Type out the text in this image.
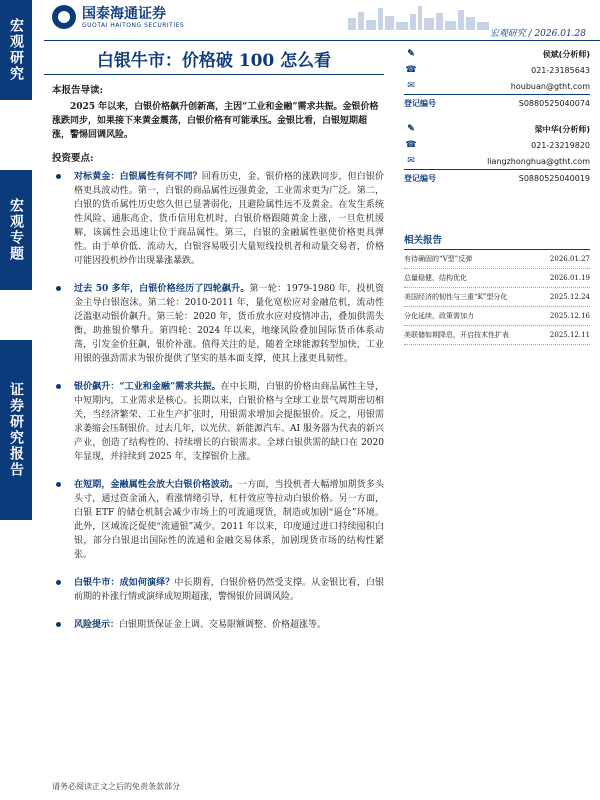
宏观研究
宏观专题
证券研究报告
国泰海通证券
GUOTAI HAITONG SECURITIES
宏观研究 / 2026.01.28
白银牛市：价格破 100 怎么看
本报告导读:
2025 年以来，白银价格飙升创新高，主因“工业和金融”需求共振。金银价格涨跌同步，如果接下来黄金震荡，白银价格有可能承压。金银比看，白银短期超涨，警惕回调风险。
投资要点:
对标黄金：白银属性有何不同？回看历史，金、银价格的涨跌同步，但白银价格更具波动性。第一，白银的商品属性远强黄金，工业需求更为广泛。第二，白银的货币属性历史悠久但已显著弱化，且避险属性远不及黄金。在发生系统性风险、通胀高企、货币信用危机时，白银价格跟随黄金上涨，一旦危机缓解，该属性会迅速让位于商品属性。第三，白银的金融属性驱使价格更具弹性。由于单价低、流动大，白银容易吸引大量短线投机者和动量交易者，价格可能因投机炒作出现暴涨暴跌。
过去 50 多年，白银价格经历了四轮飙升。第一轮：1979-1980 年，投机资金主导白银泡沫。第二轮：2010-2011 年，量化宽松应对金融危机，流动性泛滥驱动银价飙升。第三轮：2020 年，货币放水应对疫情冲击，叠加供需失衡，助推银价攀升。第四轮：2024 年以来，地缘风险叠加国际货币体系动荡，引发金价狂飙，银价补涨。值得关注的是，随着全球能源转型加快，工业用银的强劲需求为银价提供了坚实的基本面支撑，使其上涨更具韧性。
银价飙升：“工业和金融”需求共振。在中长期，白银的价格由商品属性主导，中短期内，工业需求是核心。长期以来，白银价格与全球工业景气周期密切相关，当经济繁荣、工业生产扩张时，用银需求增加会提振银价。反之，用银需求萎缩会压制银价。过去几年，以光伏、新能源汽车、AI 服务器为代表的新兴产业，创造了结构性的、持续增长的白银需求。全球白银供需的缺口在 2020 年显现，并持续到 2025 年，支撑银价上涨。
在短期，金融属性会放大白银价格波动。一方面，当投机者大幅增加期货多头头寸，通过资金涌入，看涨情绪引导，杠杆效应等拉动白银价格。另一方面，白银 ETF 的储仓机制会减少市场上的可流通现货，制造或加剧“逼仓”环境。此外，区域流泛促使“流通银”减少。2011 年以来，印度通过进口持续囤积白银，部分白银退出国际性的流通和金融交易体系，加剧现货市场的结构性紧张。
白银牛市：成如何演绎？中长期看，白银价格仍然受支撑。从金银比看，白银前期的补涨行情或演绎成短期超涨，警惕银价回调风险。
风险提示：白银期货保证金上调、交易限额调整、价格超涨等。
✎	侯斌(分析师)
☎	021-23185643
✉	houbuan@gtht.com
登记编号	S0880525040074
✎	梁中华(分析师)
☎	021-23219820
✉	liangzhonghua@gtht.com
登记编号	S0880525040019
相关报告
有待确固的“V型”反弹	2026.01.27
总量稳健，结构优化	2026.01.19
美国经济的韧性与三重“K”型分化	2025.12.24
分化延续，政策需加力	2025.12.16
美联储如期降息，开启技术性扩表	2025.12.11
请务必阅读正文之后的免责条款部分
